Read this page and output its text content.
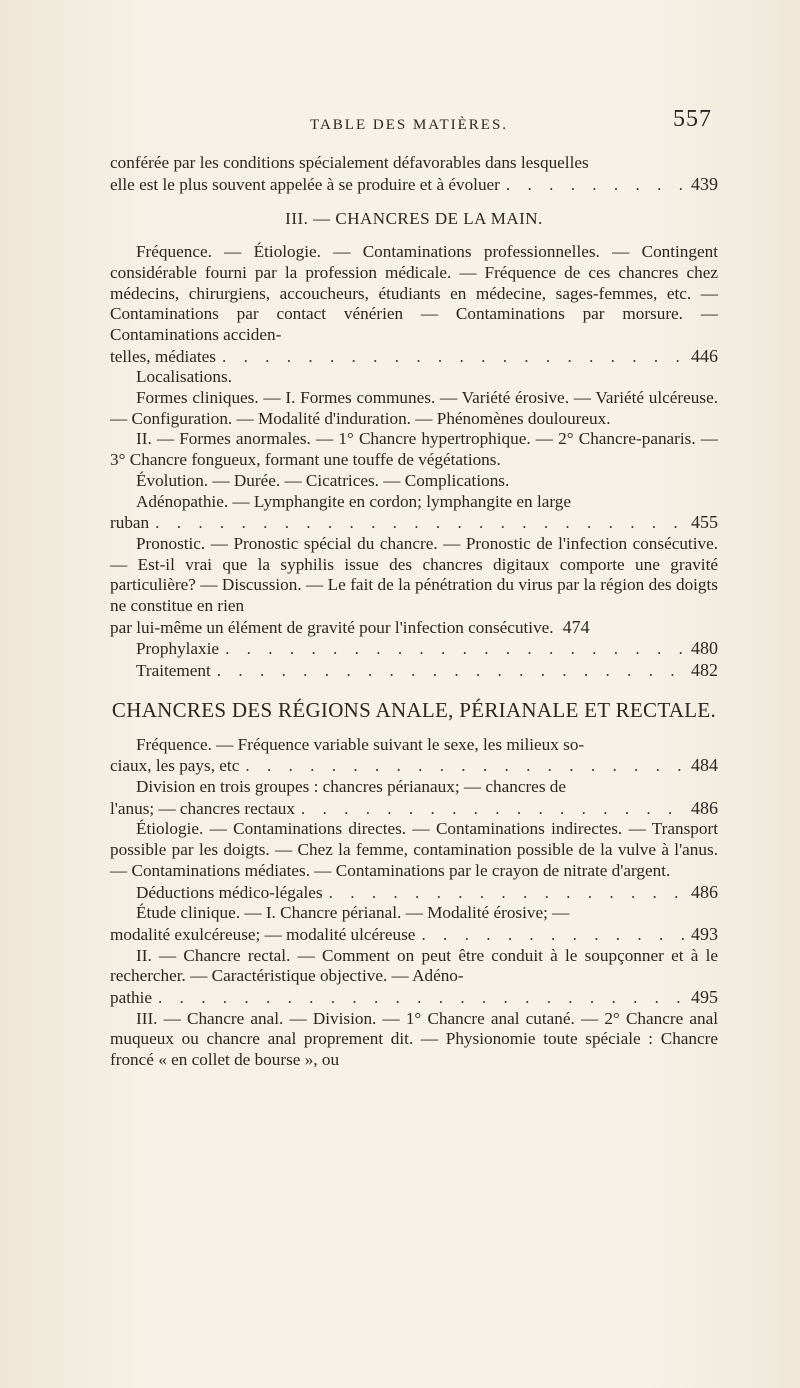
TABLE DES MATIÈRES.	557

conférée par les conditions spécialement défavorables dans lesquelles

elle est le plus souvent appelée à se produire et à évoluer . . .	439
III. — CHANCRES DE LA MAIN.

Fréquence. — Étiologie. — Contaminations professionnelles. — Contingent considérable fourni par la profession médicale. — Fréquence de ces chancres chez médecins, chirurgiens, accoucheurs, étudiants en médecine, sages-femmes, etc. — Contaminations par contact vénérien — Contaminations par morsure. — Contaminations acciden-

telles, médiates . . .	446

Localisations.

Formes cliniques. — I. Formes communes. — Variété érosive. — Variété ulcéreuse. — Configuration. — Modalité d'induration. — Phénomènes douloureux.

II. — Formes anormales. — 1° Chancre hypertrophique. — 2° Chancre-panaris. — 3° Chancre fongueux, formant une touffe de végétations.

Évolution. — Durée. — Cicatrices. — Complications.

Adénopathie. — Lymphangite en cordon; lymphangite en large

ruban . . .	455

Pronostic. — Pronostic spécial du chancre. — Pronostic de l'infection consécutive. — Est-il vrai que la syphilis issue des chancres digitaux comporte une gravité particulière? — Discussion. — Le fait de la pénétration du virus par la région des doigts ne constitue en rien

par lui-même un élément de gravité pour l'infection consécutive. 474
Prophylaxie . . .	480
Traitement . . .	482
CHANCRES DES RÉGIONS ANALE, PÉRIANALE ET RECTALE.

Fréquence. — Fréquence variable suivant le sexe, les milieux so-

ciaux, les pays, etc . . .	484

Division en trois groupes : chancres périanaux; — chancres de

l'anus; — chancres rectaux . . .	486

Étiologie. — Contaminations directes. — Contaminations indirectes. — Transport possible par les doigts. — Chez la femme, contamination possible de la vulve à l'anus. — Contaminations médiates. — Contaminations par le crayon de nitrate d'argent.

Déductions médico-légales . . .	486

Étude clinique. — I. Chancre périanal. — Modalité érosive; —

modalité exulcéreuse; — modalité ulcéreuse . . .	493

II. — Chancre rectal. — Comment on peut être conduit à le soupçonner et à le rechercher. — Caractéristique objective. — Adéno-

pathie . . .	495

III. — Chancre anal. — Division. — 1° Chancre anal cutané. — 2° Chancre anal muqueux ou chancre anal proprement dit. — Physionomie toute spéciale : Chancre froncé « en collet de bourse », ou
